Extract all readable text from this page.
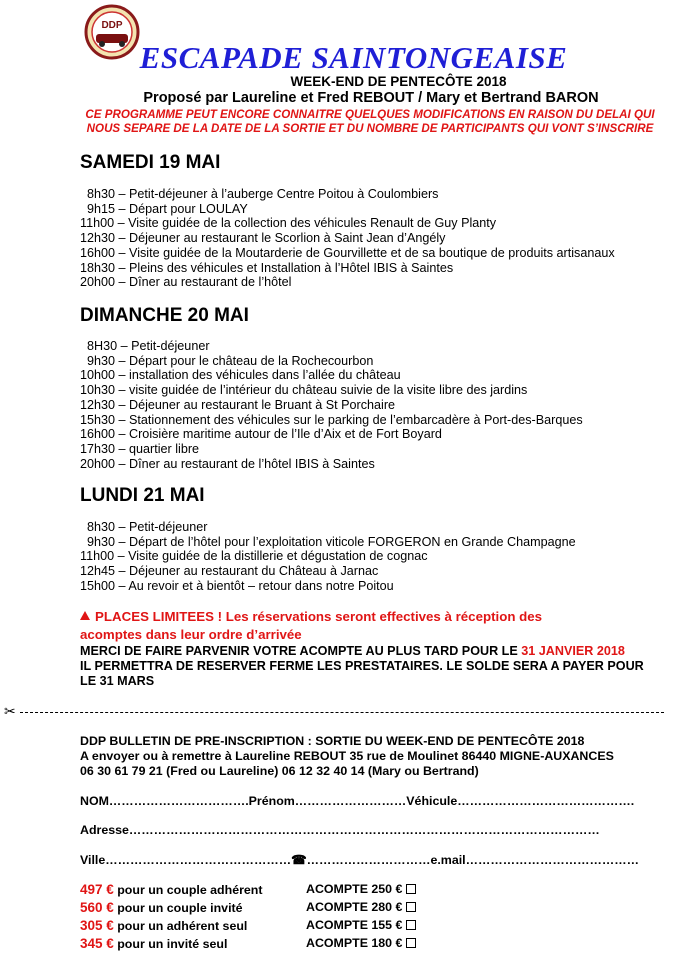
DDP
ESCAPADE SAINTONGEAISE
WEEK-END DE PENTECÔTE 2018
Proposé par Laureline et Fred REBOUT / Mary et Bertrand BARON
CE PROGRAMME PEUT ENCORE CONNAITRE QUELQUES MODIFICATIONS EN RAISON DU DELAI QUI
NOUS SEPARE DE LA DATE DE LA SORTIE ET DU NOMBRE DE PARTICIPANTS QUI VONT S’INSCRIRE
SAMEDI 19 MAI
8h30 – Petit-déjeuner à l’auberge Centre Poitou à Coulombiers
9h15 – Départ pour LOULAY
11h00 – Visite guidée de la collection des véhicules Renault de Guy Planty
12h30 – Déjeuner au restaurant le Scorlion à Saint Jean d’Angély
16h00 – Visite guidée de la Moutarderie de Gourvillette et de sa boutique de produits artisanaux
18h30 – Pleins des véhicules et Installation à l’Hôtel IBIS à Saintes
20h00 – Dîner au restaurant de l’hôtel
DIMANCHE 20 MAI
8H30 – Petit-déjeuner
9h30 – Départ pour le château de la Rochecourbon
10h00 – installation des véhicules dans l’allée du château
10h30 – visite guidée de l’intérieur du château suivie de la visite libre des jardins
12h30 – Déjeuner au restaurant le Bruant à St Porchaire
15h30 – Stationnement des véhicules sur le parking de l’embarcadère à Port-des-Barques
16h00 – Croisière maritime autour de l’Ile d’Aix et de Fort Boyard
17h30 – quartier libre
20h00 – Dîner au restaurant de l’hôtel IBIS à Saintes
LUNDI 21 MAI
8h30 – Petit-déjeuner
9h30 – Départ de l’hôtel pour l’exploitation viticole FORGERON en Grande Champagne
11h00 – Visite guidée de la distillerie et dégustation de cognac
12h45 – Déjeuner au restaurant du Château à Jarnac
15h00 – Au revoir et à bientôt – retour dans notre Poitou
PLACES LIMITEES ! Les réservations seront effectives à réception des
acomptes dans leur ordre d’arrivée
MERCI DE FAIRE PARVENIR VOTRE ACOMPTE AU PLUS TARD POUR LE 31 JANVIER 2018
IL PERMETTRA DE RESERVER FERME LES PRESTATAIRES. LE SOLDE SERA A PAYER POUR
LE 31 MARS
✂
DDP BULLETIN DE PRE-INSCRIPTION : SORTIE DU WEEK-END DE PENTECÔTE 2018
A envoyer ou à remettre à Laureline REBOUT 35 rue de Moulinet 86440 MIGNE-AUXANCES
06 30 61 79 21 (Fred ou Laureline) 06 12 32 40 14 (Mary ou Bertrand)
NOM…………………………….Prénom………………………Véhicule…………………………………….
Adresse……………………………………………………………………………………………………
Ville………………………………………☎…………………………e.mail……………………………………
497 € pour un couple adhérent	ACOMPTE 250 €
560 € pour un couple invité	ACOMPTE 280 €
305 € pour un adhérent seul	ACOMPTE 155 €
345 € pour un invité seul	ACOMPTE 180 €
